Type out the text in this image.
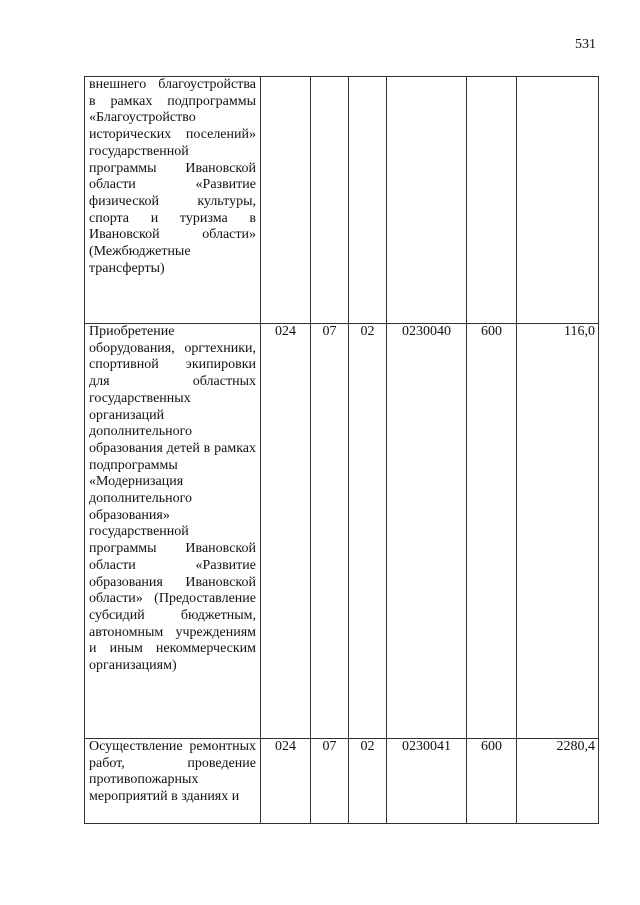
531
внешнего благоустройства в рамках подпрограммы «Благоустройство исторических поселений» государственной программы Ивановской области «Развитие физической культуры, спорта и туризма в Ивановской области» (Межбюджетные трансферты)						
Приобретение оборудования, оргтехники, спортивной экипировки для областных государственных организаций дополнительного образования детей в рамках подпрограммы «Модернизация дополнительного образования» государственной программы Ивановской области «Развитие образования Ивановской области» (Предоставление субсидий бюджетным, автономным учреждениям и иным некоммерческим организациям)	024	07	02	0230040	600	116,0
Осуществление ремонтных работ, проведение противопожарных мероприятий в зданиях и	024	07	02	0230041	600	2280,4
